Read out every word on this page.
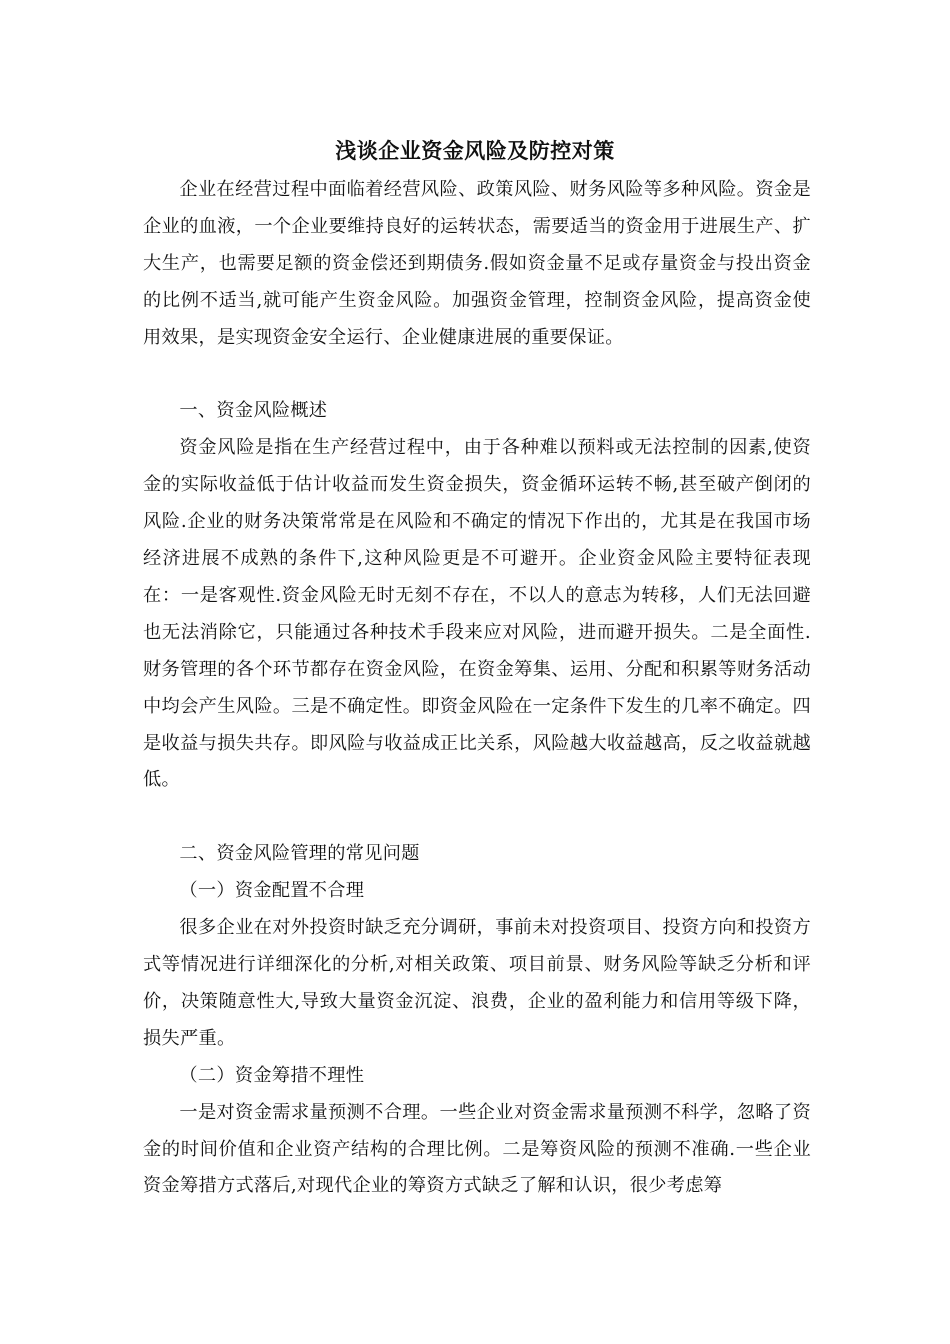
浅谈企业资金风险及防控对策

企业在经营过程中面临着经营风险、政策风险、财务风险等多种风险。资金是企业的血液，一个企业要维持良好的运转状态，需要适当的资金用于进展生产、扩大生产，也需要足额的资金偿还到期债务.假如资金量不足或存量资金与投出资金的比例不适当,就可能产生资金风险。加强资金管理，控制资金风险，提高资金使用效果，是实现资金安全运行、企业健康进展的重要保证。

一、资金风险概述

资金风险是指在生产经营过程中，由于各种难以预料或无法控制的因素,使资金的实际收益低于估计收益而发生资金损失，资金循环运转不畅,甚至破产倒闭的风险.企业的财务决策常常是在风险和不确定的情况下作出的，尤其是在我国市场经济进展不成熟的条件下,这种风险更是不可避开。企业资金风险主要特征表现在：一是客观性.资金风险无时无刻不存在，不以人的意志为转移，人们无法回避也无法消除它，只能通过各种技术手段来应对风险，进而避开损失。二是全面性.财务管理的各个环节都存在资金风险，在资金筹集、运用、分配和积累等财务活动中均会产生风险。三是不确定性。即资金风险在一定条件下发生的几率不确定。四是收益与损失共存。即风险与收益成正比关系，风险越大收益越高，反之收益就越低。

二、资金风险管理的常见问题

（一）资金配置不合理

很多企业在对外投资时缺乏充分调研，事前未对投资项目、投资方向和投资方式等情况进行详细深化的分析,对相关政策、项目前景、财务风险等缺乏分析和评价，决策随意性大,导致大量资金沉淀、浪费，企业的盈利能力和信用等级下降，损失严重。

（二）资金筹措不理性

一是对资金需求量预测不合理。一些企业对资金需求量预测不科学，忽略了资金的时间价值和企业资产结构的合理比例。二是筹资风险的预测不准确.一些企业资金筹措方式落后,对现代企业的筹资方式缺乏了解和认识，很少考虑筹
